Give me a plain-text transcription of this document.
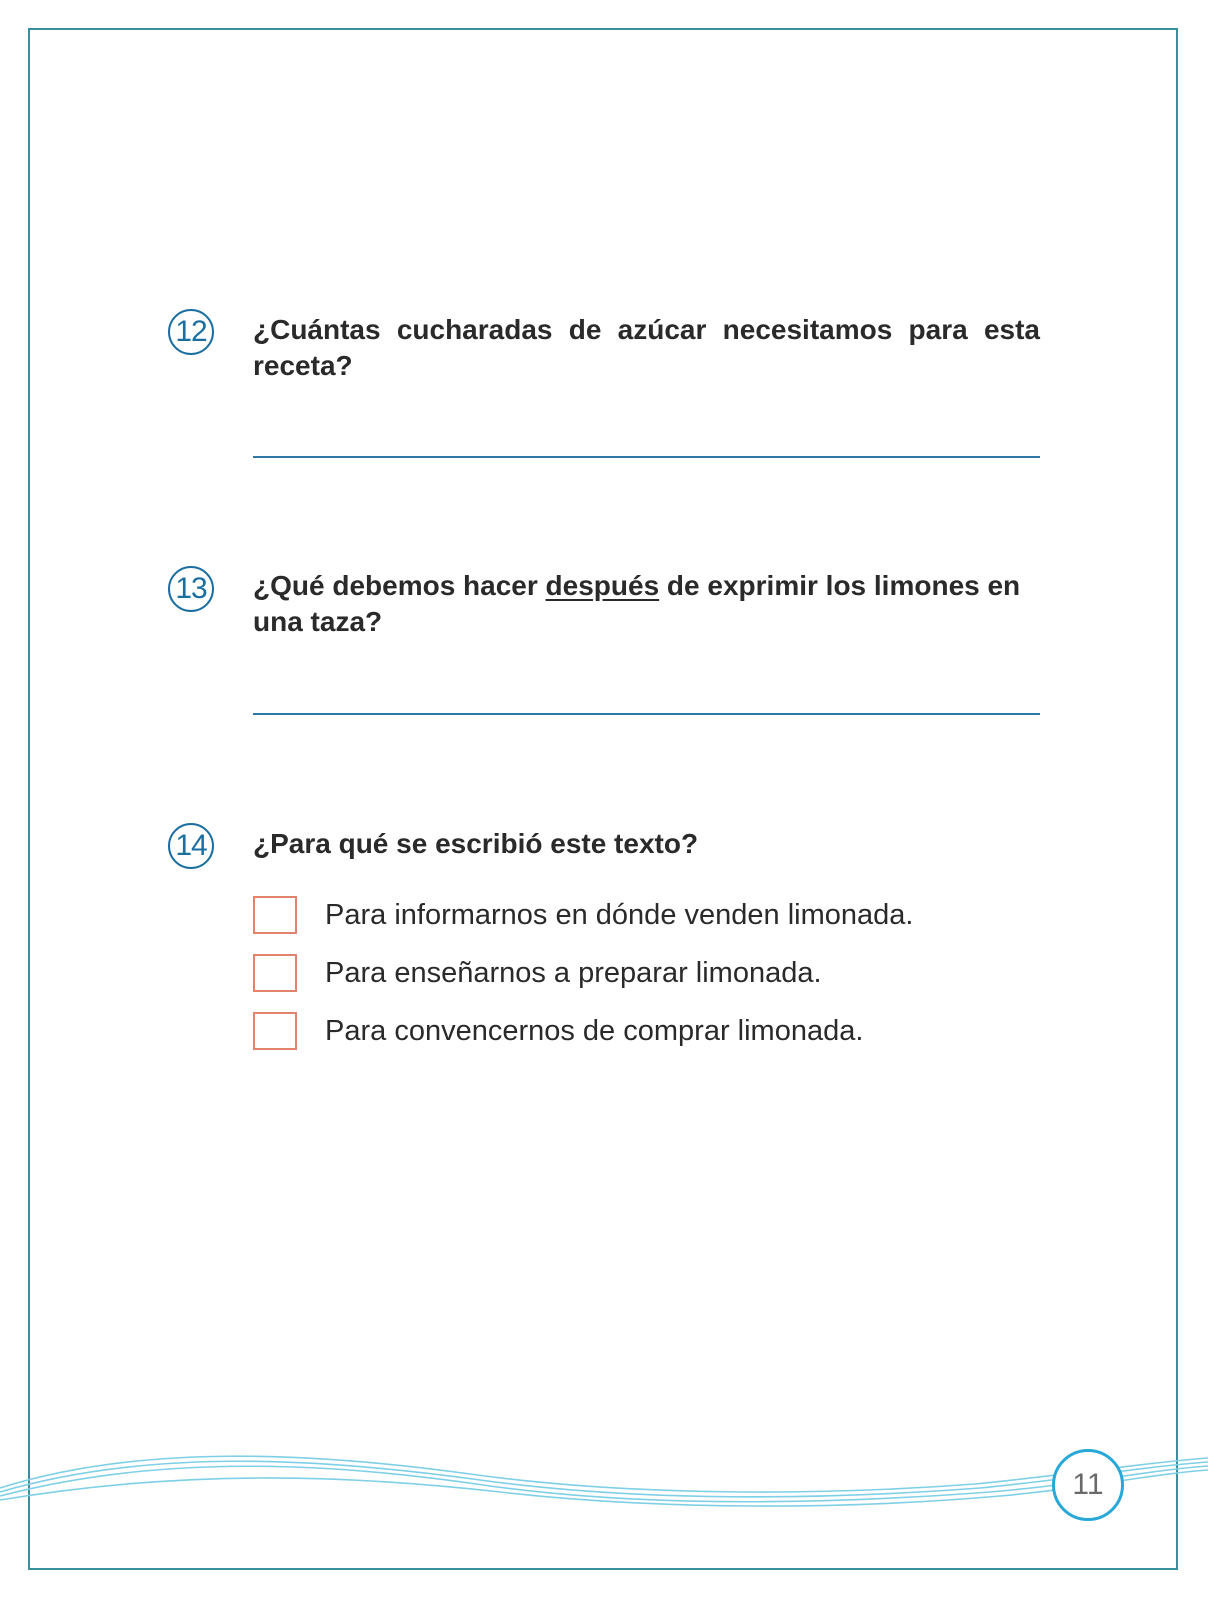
12 ¿Cuántas cucharadas de azúcar necesitamos para esta receta?

13 ¿Qué debemos hacer después de exprimir los limones en una taza?

14 ¿Para qué se escribió este texto?

Para informarnos en dónde venden limonada.
Para enseñarnos a preparar limonada.
Para convencernos de comprar limonada.
11
